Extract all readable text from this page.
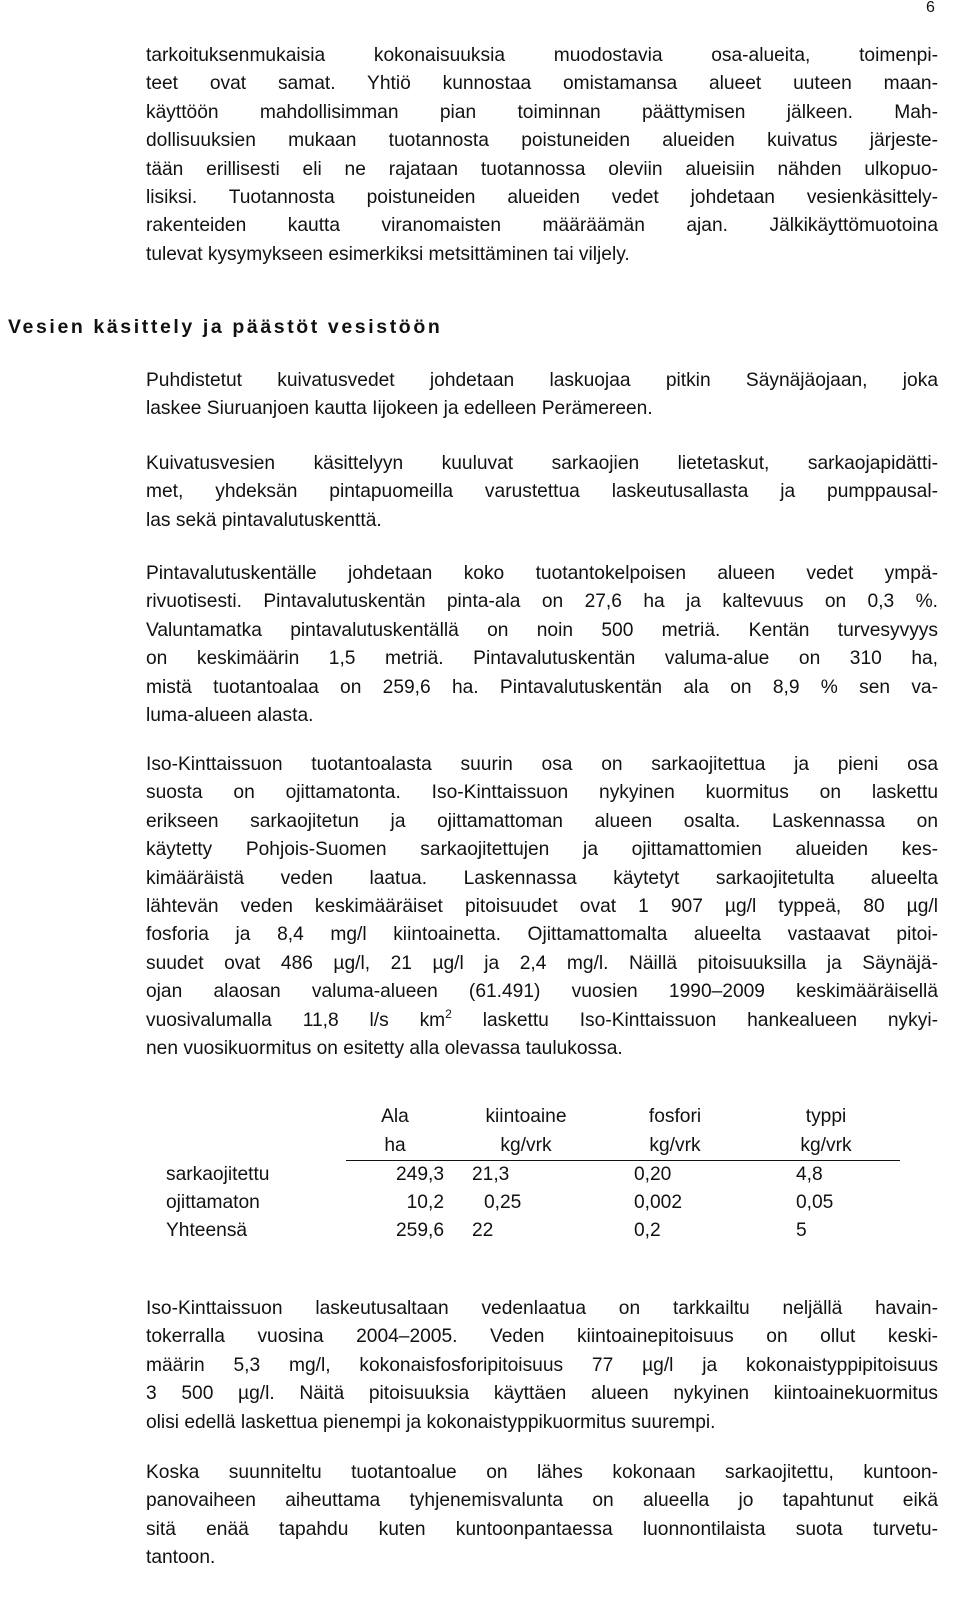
6

tarkoituksenmukaisia kokonaisuuksia muodostavia osa-alueita, toimenpi-
teet ovat samat. Yhtiö kunnostaa omistamansa alueet uuteen maan-
käyttöön mahdollisimman pian toiminnan päättymisen jälkeen. Mah-
dollisuuksien mukaan tuotannosta poistuneiden alueiden kuivatus järjeste-
tään erillisesti eli ne rajataan tuotannossa oleviin alueisiin nähden ulkopuo-
lisiksi. Tuotannosta poistuneiden alueiden vedet johdetaan vesienkäsittely-
rakenteiden kautta viranomaisten määräämän ajan. Jälkikäyttömuotoina
tulevat kysymykseen esimerkiksi metsittäminen tai viljely.

Vesien käsittely ja päästöt vesistöön

Puhdistetut kuivatusvedet johdetaan laskuojaa pitkin Säynäjäojaan, joka
laskee Siuruanjoen kautta Iijokeen ja edelleen Perämereen.

Kuivatusvesien käsittelyyn kuuluvat sarkaojien lietetaskut, sarkaojapidätti-
met, yhdeksän pintapuomeilla varustettua laskeutusallasta ja pumppausal-
las sekä pintavalutuskenttä.

Pintavalutuskentälle johdetaan koko tuotantokelpoisen alueen vedet ympä-
rivuotisesti. Pintavalutuskentän pinta-ala on 27,6 ha ja kaltevuus on 0,3 %.
Valuntamatka pintavalutuskentällä on noin 500 metriä. Kentän turvesyvyys
on keskimäärin 1,5 metriä. Pintavalutuskentän valuma-alue on 310 ha,
mistä tuotantoalaa on 259,6 ha. Pintavalutuskentän ala on 8,9 % sen va-
luma-alueen alasta.

Iso-Kinttaissuon tuotantoalasta suurin osa on sarkaojitettua ja pieni osa
suosta on ojittamatonta. Iso-Kinttaissuon nykyinen kuormitus on laskettu
erikseen sarkaojitetun ja ojittamattoman alueen osalta. Laskennassa on
käytetty Pohjois-Suomen sarkaojitettujen ja ojittamattomien alueiden kes-
kimääräistä veden laatua. Laskennassa käytetyt sarkaojitetulta alueelta
lähtevän veden keskimääräiset pitoisuudet ovat 1 907 µg/l typpeä, 80 µg/l
fosforia ja 8,4 mg/l kiintoainetta. Ojittamattomalta alueelta vastaavat pitoi-
suudet ovat 486 µg/l, 21 µg/l ja 2,4 mg/l. Näillä pitoisuuksilla ja Säynäjä-
ojan alaosan valuma-alueen (61.491) vuosien 1990–2009 keskimääräisellä
vuosivalumalla 11,8 l/s $km^2$ laskettu Iso-Kinttaissuon hankealueen nykyi-
nen vuosikuormitus on esitetty alla olevassa taulukossa.

	Ala	kiintoaine	fosfori	typpi
	ha	kg/vrk	kg/vrk	kg/vrk
sarkaojitettu	249,3	21,3	0,20	4,8
ojittamaton	10,2	0,25	0,002	0,05
Yhteensä	259,6	22	0,2	5

Iso-Kinttaissuon laskeutusaltaan vedenlaatua on tarkkailtu neljällä havain-
tokerralla vuosina 2004–2005. Veden kiintoainepitoisuus on ollut keski-
määrin 5,3 mg/l, kokonaisfosforipitoisuus 77 µg/l ja kokonaistyppipitoisuus
3 500 µg/l. Näitä pitoisuuksia käyttäen alueen nykyinen kiintoainekuormitus
olisi edellä laskettua pienempi ja kokonaistyppikuormitus suurempi.

Koska suunniteltu tuotantoalue on lähes kokonaan sarkaojitettu, kuntoon-
panovaiheen aiheuttama tyhjenemisvalunta on alueella jo tapahtunut eikä
sitä enää tapahdu kuten kuntoonpantaessa luonnontilaista suota turvetu-
tantoon.
